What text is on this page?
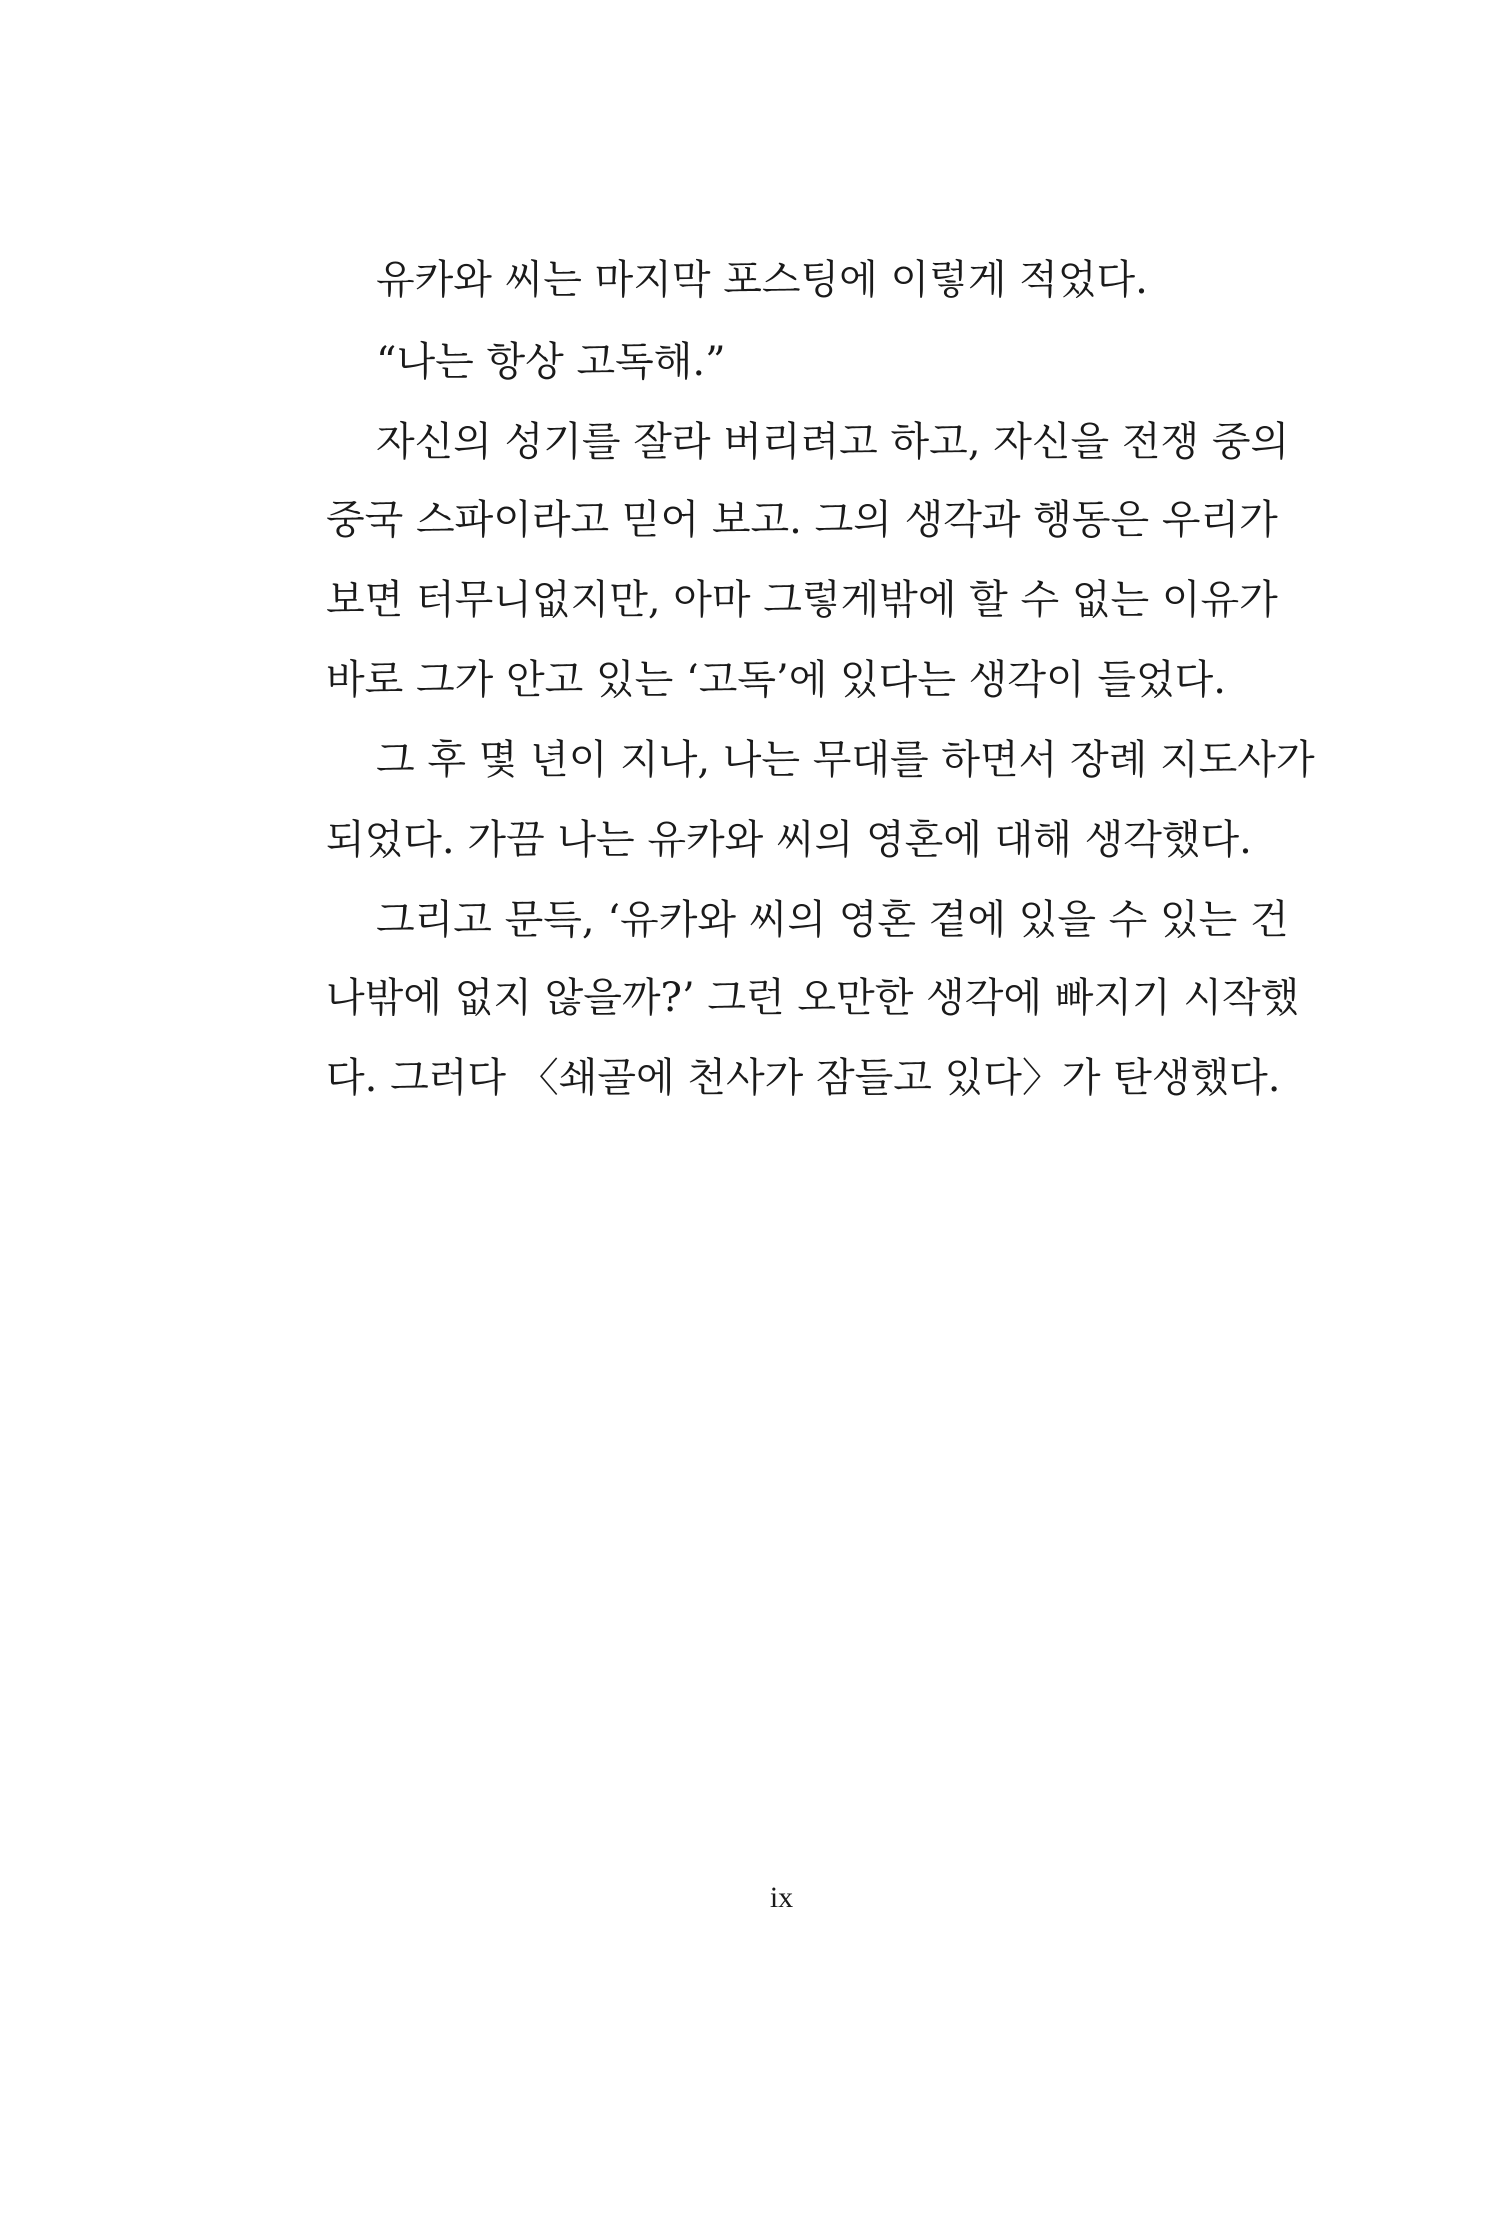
유카와 씨는 마지막 포스팅에 이렇게 적었다.

“나는 항상 고독해.”

자신의 성기를 잘라 버리려고 하고, 자신을 전쟁 중의

중국 스파이라고 믿어 보고. 그의 생각과 행동은 우리가

보면 터무니없지만, 아마 그렇게밖에 할 수 없는 이유가

바로 그가 안고 있는 ‘고독’에 있다는 생각이 들었다.

그 후 몇 년이 지나, 나는 무대를 하면서 장례 지도사가

되었다. 가끔 나는 유카와 씨의 영혼에 대해 생각했다.

그리고 문득, ‘유카와 씨의 영혼 곁에 있을 수 있는 건

나밖에 없지 않을까?’ 그런 오만한 생각에 빠지기 시작했

다. 그러다 〈쇄골에 천사가 잠들고 있다〉가 탄생했다.

ix
